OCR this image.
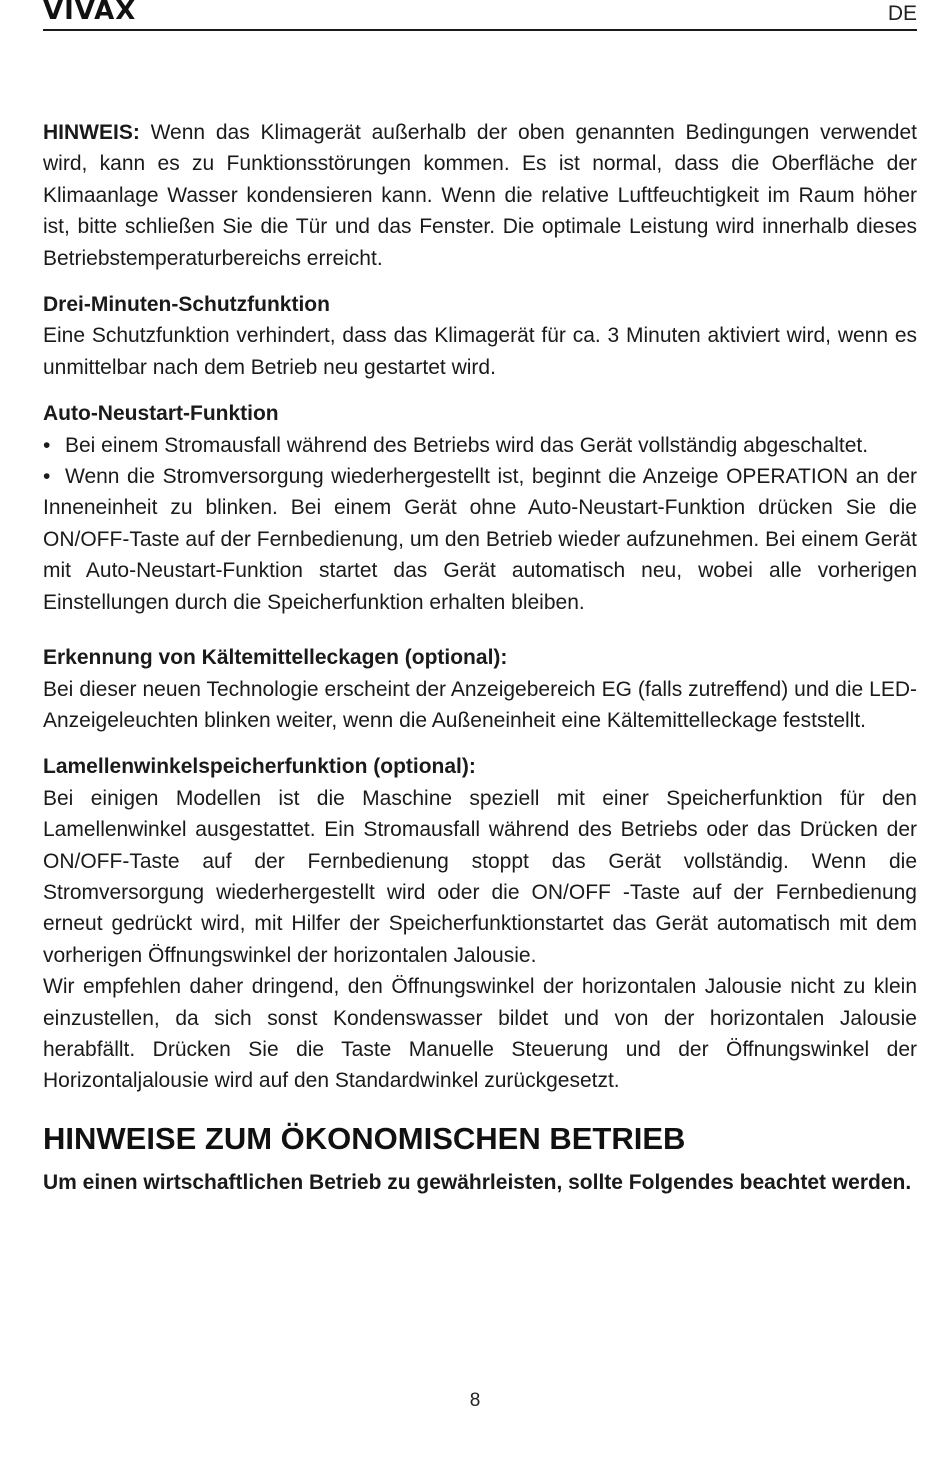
VIVAX	DE

HINWEIS: Wenn das Klimagerät außerhalb der oben genannten Bedingungen verwendet wird, kann es zu Funktionsstörungen kommen. Es ist normal, dass die Oberfläche der Klimaanlage Wasser kondensieren kann. Wenn die relative Luftfeuchtigkeit im Raum höher ist, bitte schließen Sie die Tür und das Fenster. Die optimale Leistung wird innerhalb dieses Betriebstemperaturbereichs erreicht.

Drei-Minuten-Schutzfunktion

Eine Schutzfunktion verhindert, dass das Klimagerät für ca. 3 Minuten aktiviert wird, wenn es unmittelbar nach dem Betrieb neu gestartet wird.

Auto-Neustart-Funktion

• Bei einem Stromausfall während des Betriebs wird das Gerät vollständig abgeschaltet.

• Wenn die Stromversorgung wiederhergestellt ist, beginnt die Anzeige OPERATION an der Inneneinheit zu blinken. Bei einem Gerät ohne Auto-Neustart-Funktion drücken Sie die ON/OFF-Taste auf der Fernbedienung, um den Betrieb wieder aufzunehmen. Bei einem Gerät mit Auto-Neustart-Funktion startet das Gerät automatisch neu, wobei alle vorherigen Einstellungen durch die Speicherfunktion erhalten bleiben.

Erkennung von Kältemittelleckagen (optional):

Bei dieser neuen Technologie erscheint der Anzeigebereich EG (falls zutreffend) und die LED-Anzeigeleuchten blinken weiter, wenn die Außeneinheit eine Kältemittelleckage feststellt.

Lamellenwinkelspeicherfunktion (optional):

Bei einigen Modellen ist die Maschine speziell mit einer Speicherfunktion für den Lamellenwinkel ausgestattet. Ein Stromausfall während des Betriebs oder das Drücken der ON/OFF-Taste auf der Fernbedienung stoppt das Gerät vollständig. Wenn die Stromversorgung wiederhergestellt wird oder die ON/OFF -Taste auf der Fernbedienung erneut gedrückt wird, mit Hilfer der Speicherfunktionstartet das Gerät automatisch mit dem vorherigen Öffnungswinkel der horizontalen Jalousie.

Wir empfehlen daher dringend, den Öffnungswinkel der horizontalen Jalousie nicht zu klein einzustellen, da sich sonst Kondenswasser bildet und von der horizontalen Jalousie herabfällt. Drücken Sie die Taste Manuelle Steuerung und der Öffnungswinkel der Horizontaljalousie wird auf den Standardwinkel zurückgesetzt.

HINWEISE ZUM ÖKONOMISCHEN BETRIEB

Um einen wirtschaftlichen Betrieb zu gewährleisten, sollte Folgendes beachtet werden.

8
